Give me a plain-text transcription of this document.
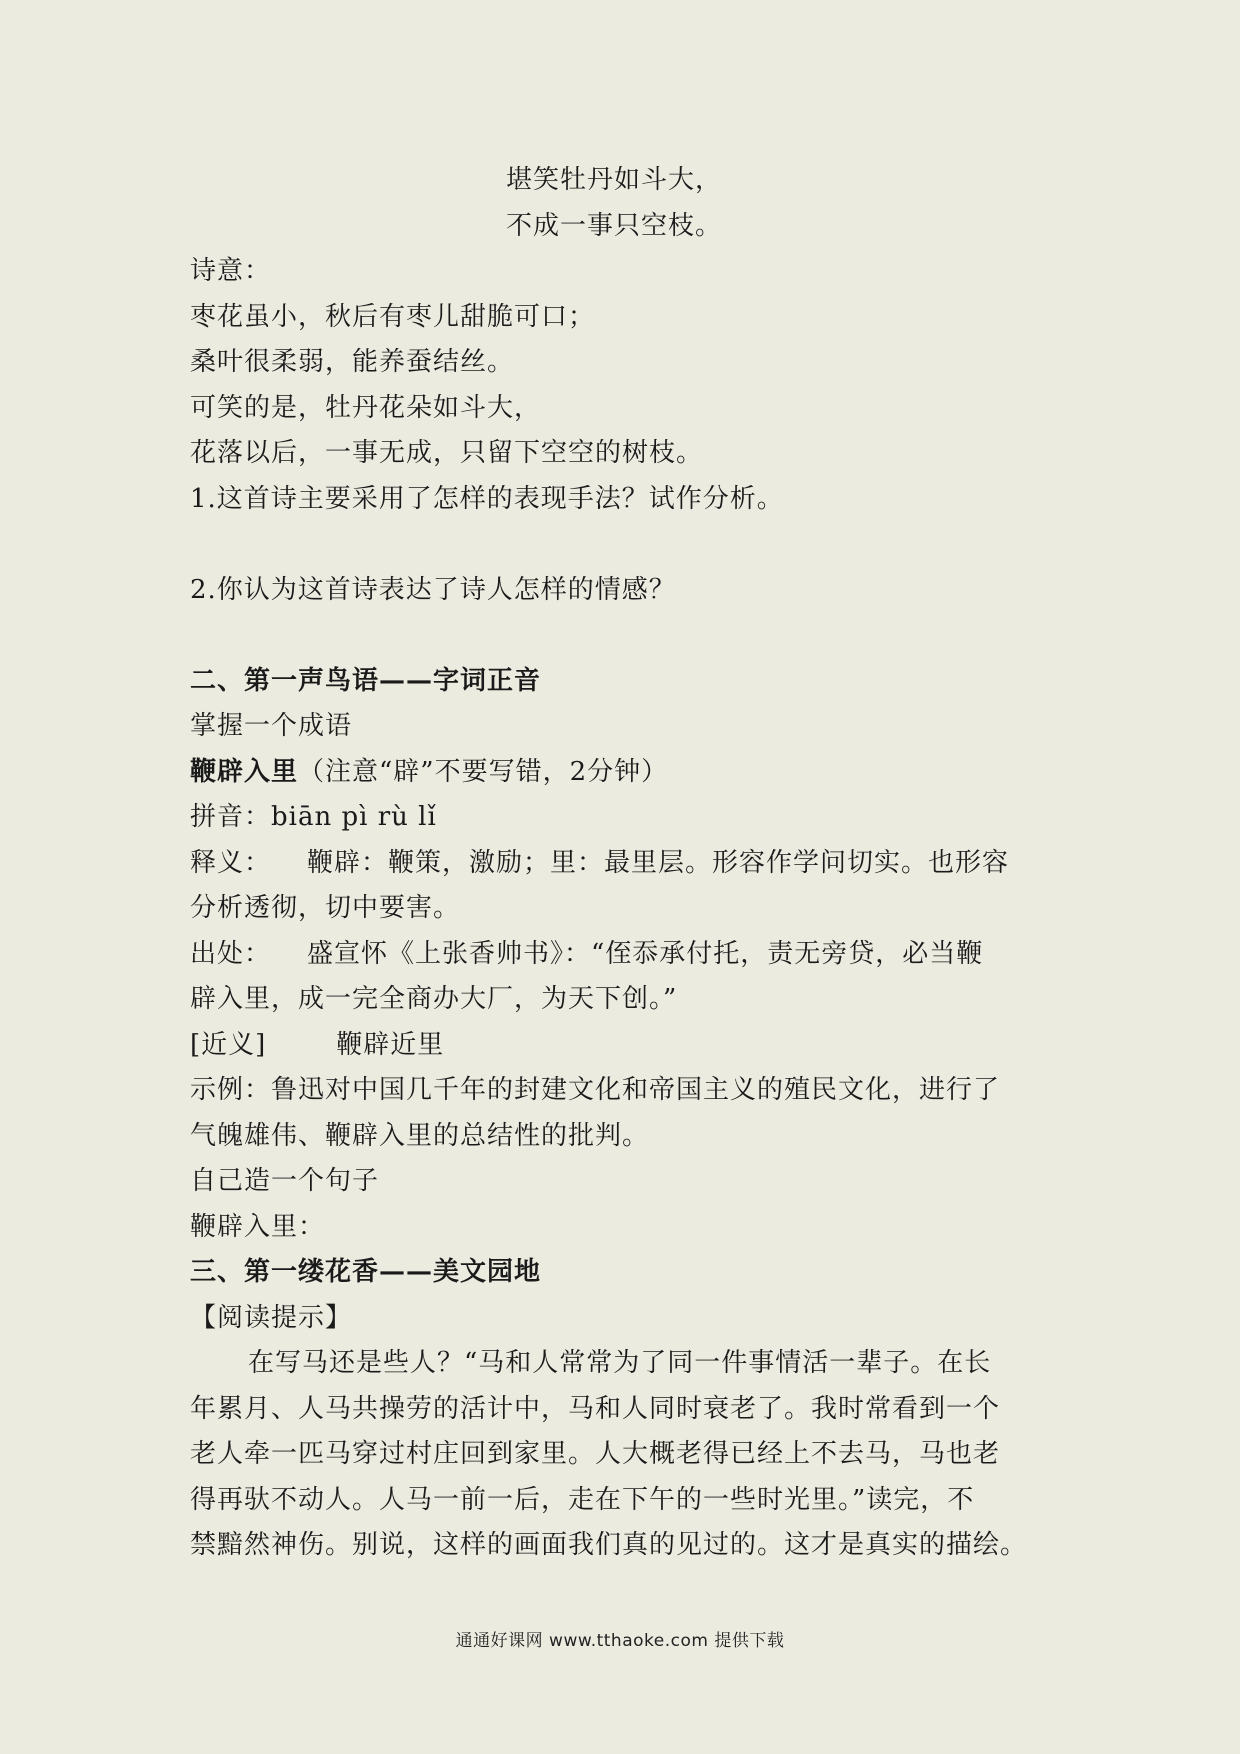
堪笑牡丹如斗大，
不成一事只空枝。
诗意：
枣花虽小，秋后有枣儿甜脆可口；
桑叶很柔弱，能养蚕结丝。
可笑的是，牡丹花朵如斗大，
花落以后，一事无成，只留下空空的树枝。
1.这首诗主要采用了怎样的表现手法？试作分析。
2.你认为这首诗表达了诗人怎样的情感？
二、第一声鸟语——字词正音
掌握一个成语
鞭辟入里（注意“辟”不要写错，2分钟）
拼音：biān pì rù lǐ
释义： 鞭辟：鞭策，激励；里：最里层。形容作学问切实。也形容
分析透彻，切中要害。
出处： 盛宣怀《上张香帅书》：“侄忝承付托，责无旁贷，必当鞭
辟入里，成一完全商办大厂，为天下创。”
[近义]	鞭辟近里
示例：鲁迅对中国几千年的封建文化和帝国主义的殖民文化，进行了
气魄雄伟、鞭辟入里的总结性的批判。
自己造一个句子
鞭辟入里：
三、第一缕花香——美文园地
【阅读提示】
在写马还是些人？“马和人常常为了同一件事情活一辈子。在长
年累月、人马共操劳的活计中，马和人同时衰老了。我时常看到一个
老人牵一匹马穿过村庄回到家里。人大概老得已经上不去马，马也老
得再驮不动人。人马一前一后，走在下午的一些时光里。”读完，不
禁黯然神伤。别说，这样的画面我们真的见过的。这才是真实的描绘。
通通好课网 www.tthaoke.com 提供下载
